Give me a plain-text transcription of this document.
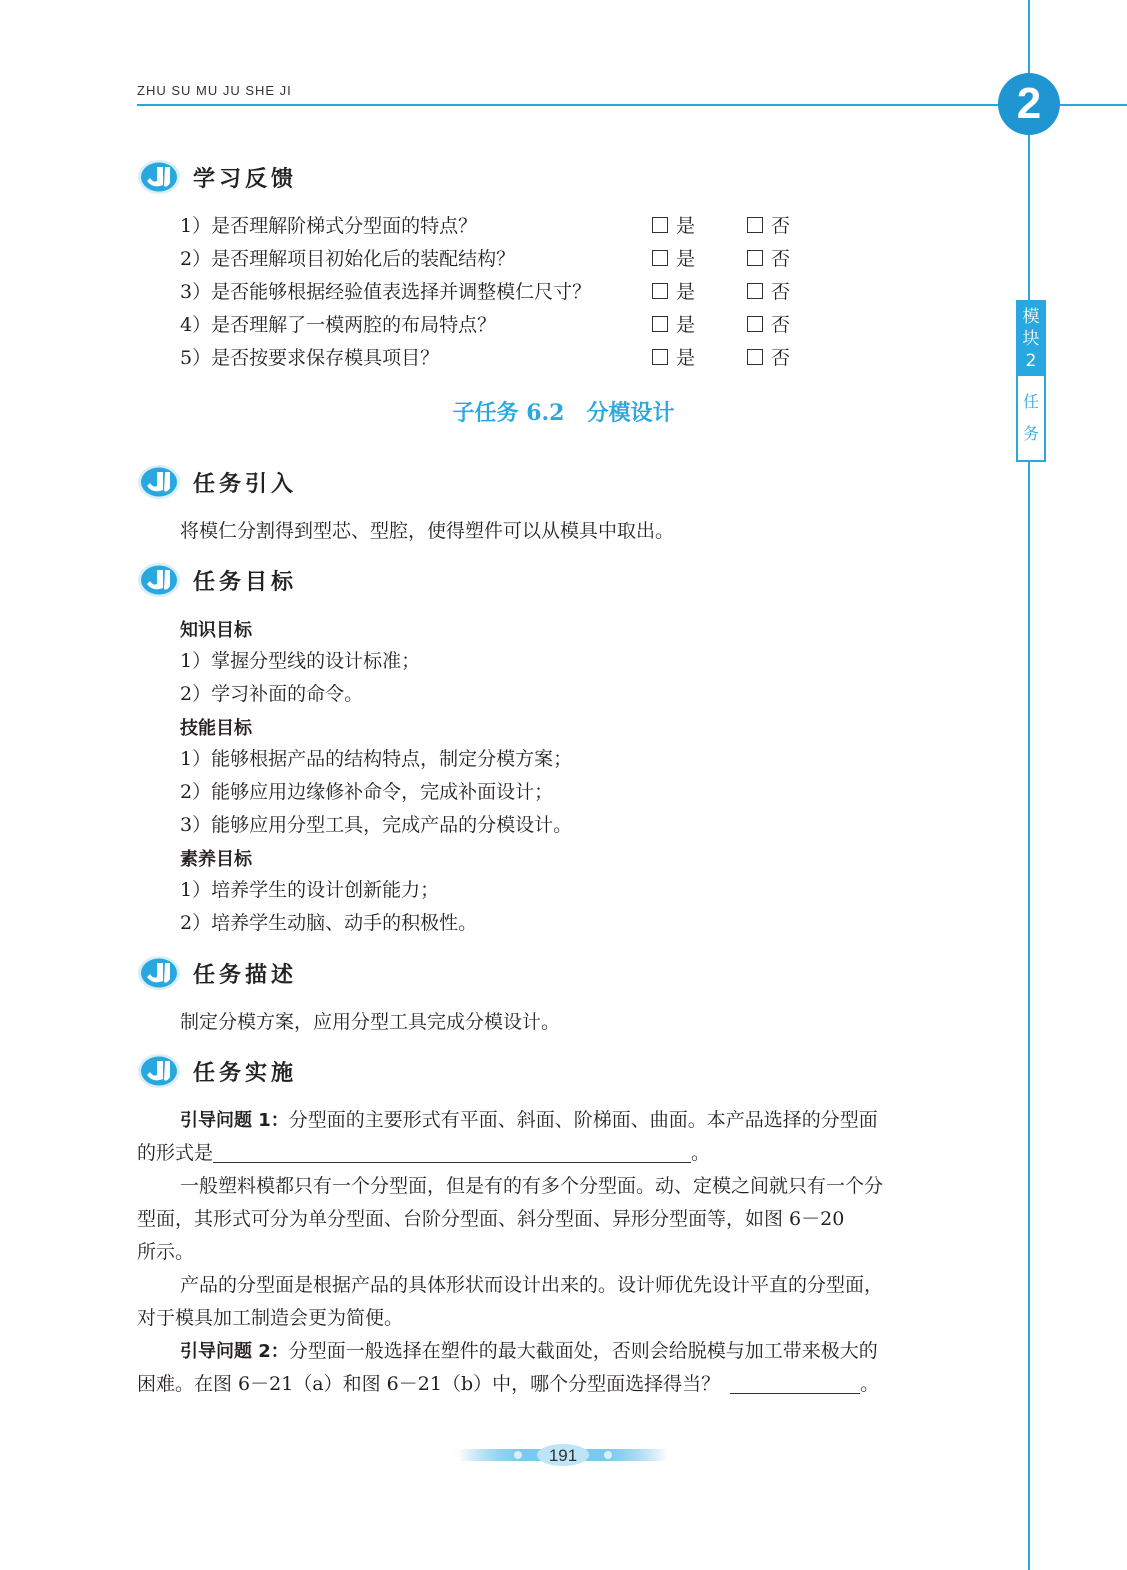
ZHU SU MU JU SHE JI	2
模
块
2
任
务
学习反馈
1）是否理解阶梯式分型面的特点？	是	否
2）是否理解项目初始化后的装配结构？	是	否
3）是否能够根据经验值表选择并调整模仁尺寸？	是	否
4）是否理解了一模两腔的布局特点？	是	否
5）是否按要求保存模具项目？	是	否
子任务 6.2　分模设计
任务引入
将模仁分割得到型芯、型腔，使得塑件可以从模具中取出。
任务目标
知识目标
1）掌握分型线的设计标准；
2）学习补面的命令。
技能目标
1）能够根据产品的结构特点，制定分模方案；
2）能够应用边缘修补命令，完成补面设计；
3）能够应用分型工具，完成产品的分模设计。
素养目标
1）培养学生的设计创新能力；
2）培养学生动脑、动手的积极性。
任务描述
制定分模方案，应用分型工具完成分模设计。
任务实施
引导问题 1：分型面的主要形式有平面、斜面、阶梯面、曲面。本产品选择的分型面
的形式是	。
一般塑料模都只有一个分型面，但是有的有多个分型面。动、定模之间就只有一个分
型面，其形式可分为单分型面、台阶分型面、斜分型面、异形分型面等，如图 6－20
所示。
产品的分型面是根据产品的具体形状而设计出来的。设计师优先设计平直的分型面，
对于模具加工制造会更为简便。
引导问题 2：分型面一般选择在塑件的最大截面处，否则会给脱模与加工带来极大的
困难。在图 6－21（a）和图 6－21（b）中，哪个分型面选择得当？	。
191
